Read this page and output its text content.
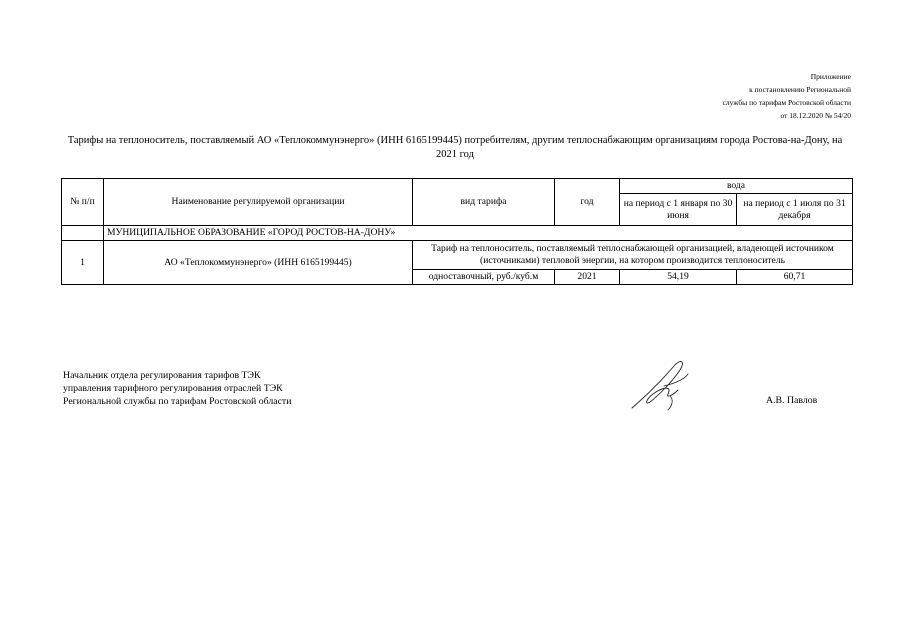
Приложение
к постановлению Региональной
службы по тарифам Ростовской области
от 18.12.2020 № 54/20
Тарифы на теплоноситель, поставляемый АО «Теплокоммунэнерго» (ИНН 6165199445) потребителям, другим теплоснабжающим организациям города Ростова-на-Дону, на 2021 год
№ п/п	Наименование регулируемой организации	вид тарифа	год	вода	
				на период с 1 января по 30 июня	на период с 1 июля по 31 декабря
	МУНИЦИПАЛЬНОЕ ОБРАЗОВАНИЕ «ГОРОД РОСТОВ-НА-ДОНУ»				
1	АО «Теплокоммунэнерго» (ИНН 6165199445)	Тариф на теплоноситель, поставляемый теплоснабжающей организацией, владеющей источником (источниками) тепловой энергии, на котором производится теплоноситель			
		одноставочный, руб./куб.м	2021	54,19	60,71
Начальник отдела регулирования тарифов ТЭК
управления тарифного регулирования отраслей ТЭК
Региональной службы по тарифам Ростовской области	А.В. Павлов
